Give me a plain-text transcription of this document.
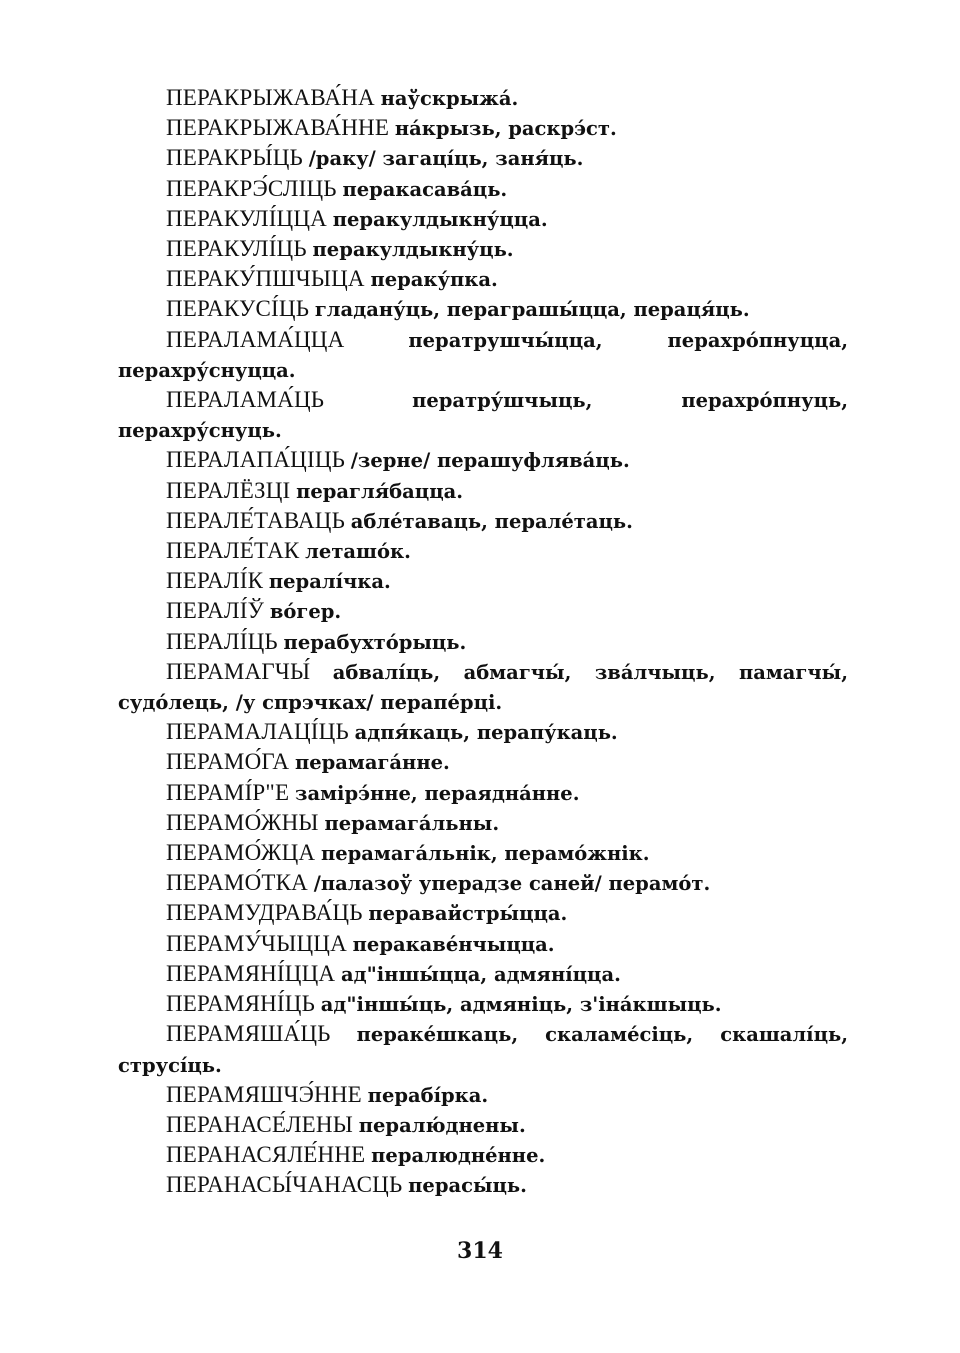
ПЕРАКРЫЖАВА́НА наўскрыжа́.

ПЕРАКРЫЖАВА́ННЕ на́крызь, раскрэ́ст.

ПЕРАКРЫ́ЦЬ /раку/ загаці́ць, заня́ць.

ПЕРАКРЭ́СЛІЦЬ перакасава́ць.

ПЕРАКУЛІ́ЦЦА перакулдыкну́цца.

ПЕРАКУЛІ́ЦЬ перакулдыкну́ць.

ПЕРАКУ́ПШЧЫЦА перaку́пка.

ПЕРАКУСІ́ЦЬ гладану́ць, пераграшы́цца, пераця́ць.

ПЕРАЛАМА́ЦЦА	пeратрушчы́цца, перахро́пнуцца, перахру́снуцца.

ПЕРАЛАМА́ЦЬ	пeратру́шчыць, перахро́пнуць, перахру́снуць.

ПЕРАЛАПА́ЦІЦЬ /зерне/ перашуфлява́ць.

ПЕРАЛЁЗЦІ перагля́бацца.

ПЕРАЛЕ́ТАВАЦЬ аблéтаваць, перале́таць.

ПЕРАЛЕ́ТАК леташо́к.

ПЕРАЛІ́К перaлі́чка.

ПЕРАЛІ́Ў во́гер.

ПЕРАЛІ́ЦЬ перабухто́рыць.

ПЕРАМАГЧЫ́ абвалі́ць, абмагчы́, зва́лчыць, памагчы́, судо́лець, /у спрэчках/ перапе́рці.

ПЕРАМАЛАЦІ́ЦЬ адпя́каць, перапу́каць.

ПЕРАМО́ГА перамага́нне.

ПЕРАМІ́Р"Е замірэ́нне, пераядна́нне.

ПЕРАМО́ЖНЫ перамага́льны.

ПЕРАМО́ЖЦА перамага́льнік, перамо́жнік.

ПЕРАМО́ТКА /палазоў уперадзе саней/ перамо́т.

ПЕРАМУДРАВА́ЦЬ пeравайстры́цца.

ПЕРАМУ́ЧЫЦЦА перакавéнчыцца.

ПЕРАМЯНІ́ЦЦА ад"іншы́цца, адмяні́цца.

ПЕРАМЯНІ́ЦЬ ад"іншы́ць, адмяніць, з'іна́кшыць.

ПЕРАМЯША́ЦЬ перакéшкаць, скалaме́сіць, скашалі́ць, струсі́ць.

ПЕРАМЯШЧЭ́ННЕ перабі́рка.

ПЕРАНАСЕ́ЛЕНЫ пeралю́днены.

ПЕРАНАСЯЛЕ́ННЕ пералюднéнне.

ПЕРАНАСЫ́ЧАНАСЦЬ перасы́ць.

314
